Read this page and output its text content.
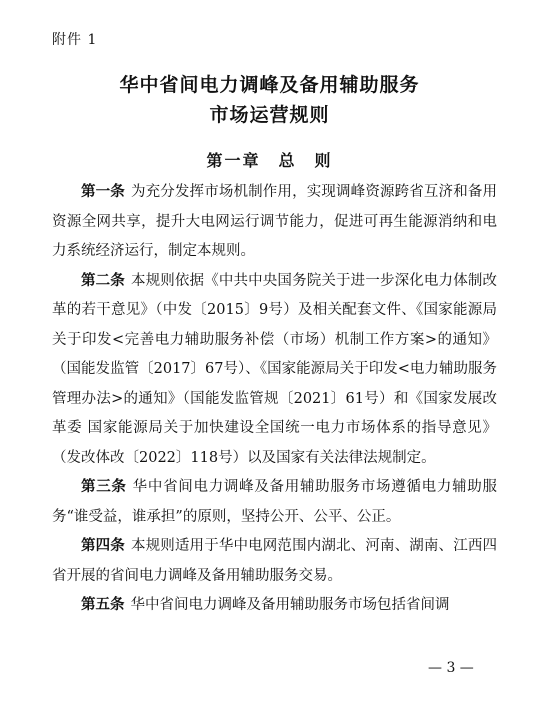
附件 1
华中省间电力调峰及备用辅助服务
市场运营规则
第一章　总　则

第一条 为充分发挥市场机制作用，实现调峰资源跨省互济和备用资源全网共享，提升大电网运行调节能力，促进可再生能源消纳和电力系统经济运行，制定本规则。

第二条 本规则依据《中共中央国务院关于进一步深化电力体制改革的若干意见》（中发〔2015〕9号）及相关配套文件、《国家能源局关于印发<完善电力辅助服务补偿（市场）机制工作方案>的通知》（国能发监管〔2017〕67号）、《国家能源局关于印发<电力辅助服务管理办法>的通知》（国能发监管规〔2021〕61号）和《国家发展改革委 国家能源局关于加快建设全国统一电力市场体系的指导意见》（发改体改〔2022〕118号）以及国家有关法律法规制定。

第三条 华中省间电力调峰及备用辅助服务市场遵循电力辅助服务“谁受益，谁承担”的原则，坚持公开、公平、公正。

第四条 本规则适用于华中电网范围内湖北、河南、湖南、江西四省开展的省间电力调峰及备用辅助服务交易。

第五条 华中省间电力调峰及备用辅助服务市场包括省间调

— 3 —
